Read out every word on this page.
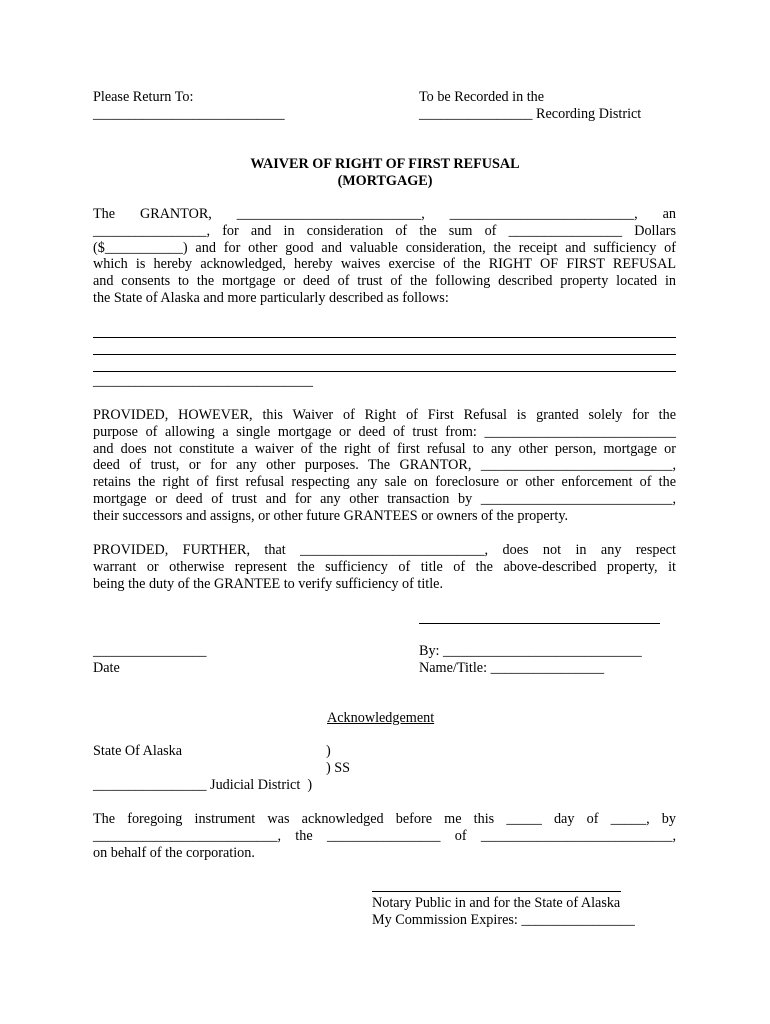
Please Return To:
___________________________
To be Recorded in the
________________ Recording District
WAIVER OF RIGHT OF FIRST REFUSAL
(MORTGAGE)
The GRANTOR, __________________________, __________________________, an
________________, for and in consideration of the sum of ________________ Dollars
($___________) and for other good and valuable consideration, the receipt and sufficiency of
which is hereby acknowledged, hereby waives exercise of the RIGHT OF FIRST REFUSAL
and consents to the mortgage or deed of trust of the following described property located in
the State of Alaska and more particularly described as follows:
_______________________________
PROVIDED, HOWEVER, this Waiver of Right of First Refusal is granted solely for the
purpose of allowing a single mortgage or deed of trust from: ___________________________
and does not constitute a waiver of the right of first refusal to any other person, mortgage or
deed of trust, or for any other purposes. The GRANTOR, ___________________________,
retains the right of first refusal respecting any sale on foreclosure or other enforcement of the
mortgage or deed of trust and for any other transaction by ___________________________,
their successors and assigns, or other future GRANTEES or owners of the property.
PROVIDED, FURTHER, that __________________________, does not in any respect
warrant or otherwise represent the sufficiency of title of the above-described property, it
being the duty of the GRANTEE to verify sufficiency of title.
________________
Date
By: ____________________________
Name/Title: ________________
Acknowledgement
State Of Alaska	)
) SS
________________ Judicial District  )
The foregoing instrument was acknowledged before me this _____ day of _____, by
__________________________, the ________________ of ___________________________,
on behalf of the corporation.
Notary Public in and for the State of Alaska
My Commission Expires: ________________
